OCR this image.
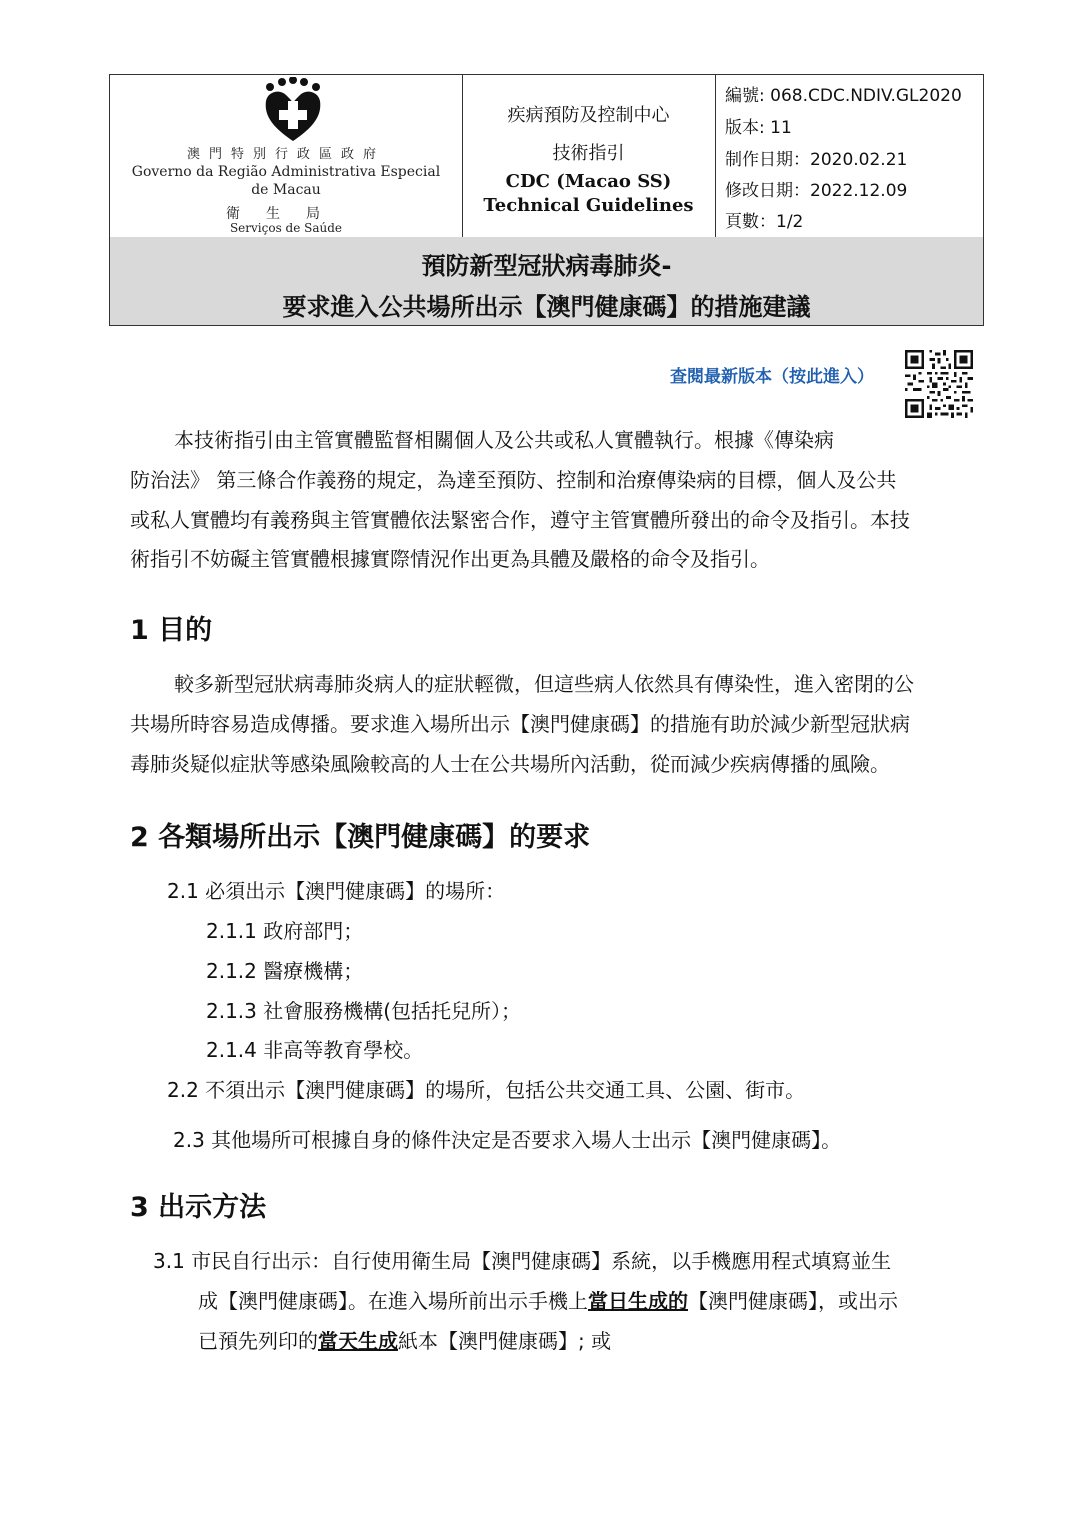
澳門特別行政區政府
Governo da Região Administrativa Especial de Macau
衛生局
Serviços de Saúde
疾病預防及控制中心
技術指引
CDC (Macao SS)
Technical Guidelines
編號: 068.CDC.NDIV.GL2020
版本: 11
制作日期：2020.02.21
修改日期：2022.12.09
頁數：1/2
預防新型冠狀病毒肺炎-
要求進入公共場所出示【澳門健康碼】的措施建議
查閱最新版本（按此進入）
本技術指引由主管實體監督相關個人及公共或私人實體執行。根據《傳染病
防治法》 第三條合作義務的規定，為達至預防、控制和治療傳染病的目標，個人及公共
或私人實體均有義務與主管實體依法緊密合作，遵守主管實體所發出的命令及指引。本技
術指引不妨礙主管實體根據實際情況作出更為具體及嚴格的命令及指引。
1 目的
較多新型冠狀病毒肺炎病人的症狀輕微，但這些病人依然具有傳染性，進入密閉的公
共場所時容易造成傳播。要求進入場所出示【澳門健康碼】的措施有助於減少新型冠狀病
毒肺炎疑似症狀等感染風險較高的人士在公共場所內活動，從而減少疾病傳播的風險。
2 各類場所出示【澳門健康碼】的要求
2.1 必須出示【澳門健康碼】的場所：
2.1.1 政府部門；
2.1.2 醫療機構；
2.1.3 社會服務機構(包括托兒所）；
2.1.4 非高等教育學校。
2.2 不須出示【澳門健康碼】的場所，包括公共交通工具、公園、街市。
2.3 其他場所可根據自身的條件決定是否要求入場人士出示【澳門健康碼】。
3 出示方法
3.1 市民自行出示：自行使用衛生局【澳門健康碼】系統，以手機應用程式填寫並生
成【澳門健康碼】。在進入場所前出示手機上當日生成的【澳門健康碼】，或出示
已預先列印的當天生成紙本【澳門健康碼】; 或
